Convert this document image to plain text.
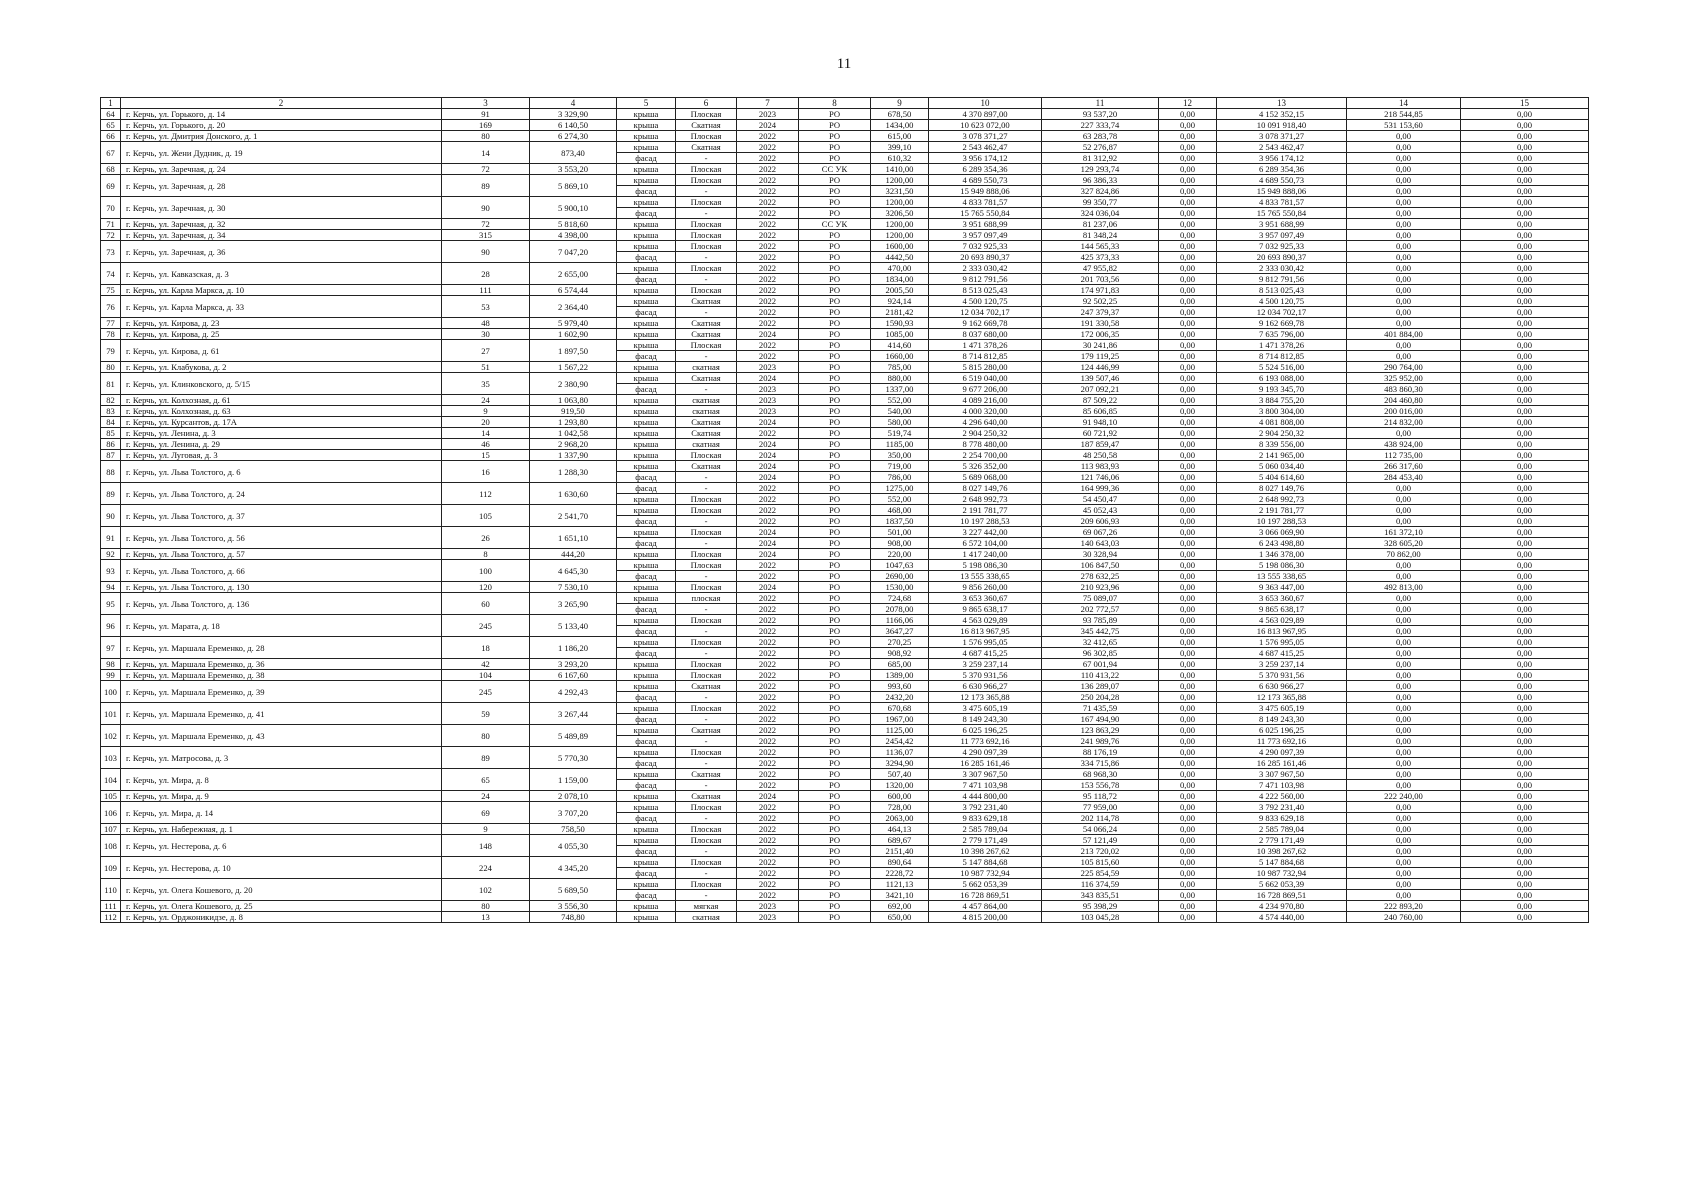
11
1	2	3	4	5	6	7	8	9	10	11	12	13	14	15
64	г. Керчь, ул. Горького, д. 14	91	3 329,90	крыша	Плоская	2023	РО	678,50	4 370 897,00	93 537,20	0,00	4 152 352,15	218 544,85	0,00
65	г. Керчь, ул. Горького, д. 20	169	6 140,50	крыша	Скатная	2024	РО	1434,00	10 623 072,00	227 333,74	0,00	10 091 918,40	531 153,60	0,00
66	г. Керчь, ул. Дмитрия Донского, д. 1	80	6 274,30	крыша	Плоская	2022	РО	615,00	3 078 371,27	63 283,78	0,00	3 078 371,27	0,00	0,00
67	г. Керчь, ул. Жени Дудник, д. 19	14	873,40	крыша	Скатная	2022	РО	399,10	2 543 462,47	52 276,87	0,00	2 543 462,47	0,00	0,00
				фасад	-	2022	РО	610,32	3 956 174,12	81 312,92	0,00	3 956 174,12	0,00	0,00
68	г. Керчь, ул. Заречная, д. 24	72	3 553,20	крыша	Плоская	2022	СС УК	1410,00	6 289 354,36	129 293,74	0,00	6 289 354,36	0,00	0,00
69	г. Керчь, ул. Заречная, д. 28	89	5 869,10	крыша	Плоская	2022	РО	1200,00	4 689 550,73	96 386,33	0,00	4 689 550,73	0,00	0,00
				фасад	-	2022	РО	3231,50	15 949 888,06	327 824,86	0,00	15 949 888,06	0,00	0,00
70	г. Керчь, ул. Заречная, д. 30	90	5 900,10	крыша	Плоская	2022	РО	1200,00	4 833 781,57	99 350,77	0,00	4 833 781,57	0,00	0,00
				фасад	-	2022	РО	3206,50	15 765 550,84	324 036,04	0,00	15 765 550,84	0,00	0,00
71	г. Керчь, ул. Заречная, д. 32	72	5 818,60	крыша	Плоская	2022	СС УК	1200,00	3 951 688,99	81 237,06	0,00	3 951 688,99	0,00	0,00
72	г. Керчь, ул. Заречная, д. 34	315	4 398,00	крыша	Плоская	2022	РО	1200,00	3 957 097,49	81 348,24	0,00	3 957 097,49	0,00	0,00
73	г. Керчь, ул. Заречная, д. 36	90	7 047,20	крыша	Плоская	2022	РО	1600,00	7 032 925,33	144 565,33	0,00	7 032 925,33	0,00	0,00
				фасад	-	2022	РО	4442,50	20 693 890,37	425 373,33	0,00	20 693 890,37	0,00	0,00
74	г. Керчь, ул. Кавказская, д. 3	28	2 655,00	крыша	Плоская	2022	РО	470,00	2 333 030,42	47 955,82	0,00	2 333 030,42	0,00	0,00
				фасад	-	2022	РО	1834,00	9 812 791,56	201 703,56	0,00	9 812 791,56	0,00	0,00
75	г. Керчь, ул. Карла Маркса, д. 10	111	6 574,44	крыша	Плоская	2022	РО	2005,50	8 513 025,43	174 971,83	0,00	8 513 025,43	0,00	0,00
76	г. Керчь, ул. Карла Маркса, д. 33	53	2 364,40	крыша	Скатная	2022	РО	924,14	4 500 120,75	92 502,25	0,00	4 500 120,75	0,00	0,00
				фасад	-	2022	РО	2181,42	12 034 702,17	247 379,37	0,00	12 034 702,17	0,00	0,00
77	г. Керчь, ул. Кирова, д. 23	48	5 979,40	крыша	Скатная	2022	РО	1590,93	9 162 669,78	191 330,58	0,00	9 162 669,78	0,00	0,00
78	г. Керчь, ул. Кирова, д. 25	30	1 602,90	крыша	Скатная	2024	РО	1085,00	8 037 680,00	172 006,35	0,00	7 635 796,00	401 884,00	0,00
79	г. Керчь, ул. Кирова, д. 61	27	1 897,50	крыша	Плоская	2022	РО	414,60	1 471 378,26	30 241,86	0,00	1 471 378,26	0,00	0,00
				фасад	-	2022	РО	1660,00	8 714 812,85	179 119,25	0,00	8 714 812,85	0,00	0,00
80	г. Керчь, ул. Клабукова, д. 2	51	1 567,22	крыша	скатная	2023	РО	785,00	5 815 280,00	124 446,99	0,00	5 524 516,00	290 764,00	0,00
81	г. Керчь, ул. Клинковского, д. 5/15	35	2 380,90	крыша	Скатная	2024	РО	880,00	6 519 040,00	139 507,46	0,00	6 193 088,00	325 952,00	0,00
				фасад	-	2023	РО	1337,00	9 677 206,00	207 092,21	0,00	9 193 345,70	483 860,30	0,00
82	г. Керчь, ул. Колхозная, д. 61	24	1 063,80	крыша	скатная	2023	РО	552,00	4 089 216,00	87 509,22	0,00	3 884 755,20	204 460,80	0,00
83	г. Керчь, ул. Колхозная, д. 63	9	919,50	крыша	скатная	2023	РО	540,00	4 000 320,00	85 606,85	0,00	3 800 304,00	200 016,00	0,00
84	г. Керчь, ул. Курсантов, д. 17А	20	1 293,80	крыша	Скатная	2024	РО	580,00	4 296 640,00	91 948,10	0,00	4 081 808,00	214 832,00	0,00
85	г. Керчь, ул. Ленина, д. 3	14	1 042,58	крыша	Скатная	2022	РО	519,74	2 904 250,32	60 721,92	0,00	2 904 250,32	0,00	0,00
86	г. Керчь, ул. Ленина, д. 29	46	2 968,20	крыша	скатная	2024	РО	1185,00	8 778 480,00	187 859,47	0,00	8 339 556,00	438 924,00	0,00
87	г. Керчь, ул. Луговая, д. 3	15	1 337,90	крыша	Плоская	2024	РО	350,00	2 254 700,00	48 250,58	0,00	2 141 965,00	112 735,00	0,00
88	г. Керчь, ул. Льва Толстого, д. 6	16	1 288,30	крыша	Скатная	2024	РО	719,00	5 326 352,00	113 983,93	0,00	5 060 034,40	266 317,60	0,00
				фасад	-	2024	РО	786,00	5 689 068,00	121 746,06	0,00	5 404 614,60	284 453,40	0,00
89	г. Керчь, ул. Льва Толстого, д. 24	112	1 630,60	фасад	-	2022	РО	1275,00	8 027 149,76	164 999,36	0,00	8 027 149,76	0,00	0,00
				крыша	Плоская	2022	РО	552,00	2 648 992,73	54 450,47	0,00	2 648 992,73	0,00	0,00
90	г. Керчь, ул. Льва Толстого, д. 37	105	2 541,70	крыша	Плоская	2022	РО	468,00	2 191 781,77	45 052,43	0,00	2 191 781,77	0,00	0,00
				фасад	-	2022	РО	1837,50	10 197 288,53	209 606,93	0,00	10 197 288,53	0,00	0,00
91	г. Керчь, ул. Льва Толстого, д. 56	26	1 651,10	крыша	Плоская	2024	РО	501,00	3 227 442,00	69 067,26	0,00	3 066 069,90	161 372,10	0,00
				фасад	-	2024	РО	908,00	6 572 104,00	140 643,03	0,00	6 243 498,80	328 605,20	0,00
92	г. Керчь, ул. Льва Толстого, д. 57	8	444,20	крыша	Плоская	2024	РО	220,00	1 417 240,00	30 328,94	0,00	1 346 378,00	70 862,00	0,00
93	г. Керчь, ул. Льва Толстого, д. 66	100	4 645,30	крыша	Плоская	2022	РО	1047,63	5 198 086,30	106 847,50	0,00	5 198 086,30	0,00	0,00
				фасад	-	2022	РО	2690,00	13 555 338,65	278 632,25	0,00	13 555 338,65	0,00	0,00
94	г. Керчь, ул. Льва Толстого, д. 130	120	7 530,10	крыша	Плоская	2024	РО	1530,00	9 856 260,00	210 923,96	0,00	9 363 447,00	492 813,00	0,00
95	г. Керчь, ул. Льва Толстого, д. 136	60	3 265,90	крыша	плоская	2022	РО	724,68	3 653 360,67	75 089,07	0,00	3 653 360,67	0,00	0,00
				фасад	-	2022	РО	2078,00	9 865 638,17	202 772,57	0,00	9 865 638,17	0,00	0,00
96	г. Керчь, ул. Марата, д. 18	245	5 133,40	крыша	Плоская	2022	РО	1166,06	4 563 029,89	93 785,89	0,00	4 563 029,89	0,00	0,00
				фасад	-	2022	РО	3647,27	16 813 967,95	345 442,75	0,00	16 813 967,95	0,00	0,00
97	г. Керчь, ул. Маршала Еременко, д. 28	18	1 186,20	крыша	Плоская	2022	РО	270,25	1 576 995,05	32 412,65	0,00	1 576 995,05	0,00	0,00
				фасад	-	2022	РО	908,92	4 687 415,25	96 302,85	0,00	4 687 415,25	0,00	0,00
98	г. Керчь, ул. Маршала Еременко, д. 36	42	3 293,20	крыша	Плоская	2022	РО	685,00	3 259 237,14	67 001,94	0,00	3 259 237,14	0,00	0,00
99	г. Керчь, ул. Маршала Еременко, д. 38	104	6 167,60	крыша	Плоская	2022	РО	1389,00	5 370 931,56	110 413,22	0,00	5 370 931,56	0,00	0,00
100	г. Керчь, ул. Маршала Еременко, д. 39	245	4 292,43	крыша	Скатная	2022	РО	993,60	6 630 966,27	136 289,07	0,00	6 630 966,27	0,00	0,00
				фасад	-	2022	РО	2432,20	12 173 365,88	250 204,28	0,00	12 173 365,88	0,00	0,00
101	г. Керчь, ул. Маршала Еременко, д. 41	59	3 267,44	крыша	Плоская	2022	РО	670,68	3 475 605,19	71 435,59	0,00	3 475 605,19	0,00	0,00
				фасад	-	2022	РО	1967,00	8 149 243,30	167 494,90	0,00	8 149 243,30	0,00	0,00
102	г. Керчь, ул. Маршала Еременко, д. 43	80	5 489,89	крыша	Скатная	2022	РО	1125,00	6 025 196,25	123 863,29	0,00	6 025 196,25	0,00	0,00
				фасад	-	2022	РО	2454,42	11 773 692,16	241 989,76	0,00	11 773 692,16	0,00	0,00
103	г. Керчь, ул. Матросова, д. 3	89	5 770,30	крыша	Плоская	2022	РО	1136,07	4 290 097,39	88 176,19	0,00	4 290 097,39	0,00	0,00
				фасад	-	2022	РО	3294,90	16 285 161,46	334 715,86	0,00	16 285 161,46	0,00	0,00
104	г. Керчь, ул. Мира, д. 8	65	1 159,00	крыша	Скатная	2022	РО	507,40	3 307 967,50	68 968,30	0,00	3 307 967,50	0,00	0,00
				фасад	-	2022	РО	1320,00	7 471 103,98	153 556,78	0,00	7 471 103,98	0,00	0,00
105	г. Керчь, ул. Мира, д. 9	24	2 078,10	крыша	Скатная	2024	РО	600,00	4 444 800,00	95 118,72	0,00	4 222 560,00	222 240,00	0,00
106	г. Керчь, ул. Мира, д. 14	69	3 707,20	крыша	Плоская	2022	РО	728,00	3 792 231,40	77 959,00	0,00	3 792 231,40	0,00	0,00
				фасад	-	2022	РО	2063,00	9 833 629,18	202 114,78	0,00	9 833 629,18	0,00	0,00
107	г. Керчь, ул. Набережная, д. 1	9	758,50	крыша	Плоская	2022	РО	464,13	2 585 789,04	54 066,24	0,00	2 585 789,04	0,00	0,00
108	г. Керчь, ул. Нестерова, д. 6	148	4 055,30	крыша	Плоская	2022	РО	689,67	2 779 171,49	57 121,49	0,00	2 779 171,49	0,00	0,00
				фасад	-	2022	РО	2151,40	10 398 267,62	213 720,02	0,00	10 398 267,62	0,00	0,00
109	г. Керчь, ул. Нестерова, д. 10	224	4 345,20	крыша	Плоская	2022	РО	890,64	5 147 884,68	105 815,60	0,00	5 147 884,68	0,00	0,00
				фасад	-	2022	РО	2228,72	10 987 732,94	225 854,59	0,00	10 987 732,94	0,00	0,00
110	г. Керчь, ул. Олега Кошевого, д. 20	102	5 689,50	крыша	Плоская	2022	РО	1121,13	5 662 053,39	116 374,59	0,00	5 662 053,39	0,00	0,00
				фасад	-	2022	РО	3421,10	16 728 869,51	343 835,51	0,00	16 728 869,51	0,00	0,00
111	г. Керчь, ул. Олега Кошевого, д. 25	80	3 556,30	крыша	мягкая	2023	РО	692,00	4 457 864,00	95 398,29	0,00	4 234 970,80	222 893,20	0,00
112	г. Керчь, ул. Орджоникидзе, д. 8	13	748,80	крыша	скатная	2023	РО	650,00	4 815 200,00	103 045,28	0,00	4 574 440,00	240 760,00	0,00
